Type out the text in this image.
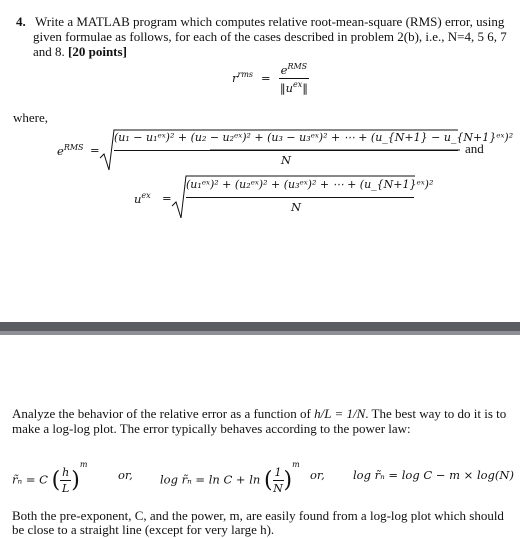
4. Write a MATLAB program which computes relative root-mean-square (RMS) error, using
given formulae as follows, for each of the cases described in problem 2(b), i.e., N=4, 5 6, 7
and 8. [20 points]
$r^{rms} = \frac{e^{RMS}}{‖u^{ex}‖}$
where,
$e^{RMS}$ =
(u₁ − u₁ᵉˣ)² + (u₂ − u₂ᵉˣ)² + (u₃ − u₃ᵉˣ)² + ⋯ + (u_{N+1} − u_{N+1}ᵉˣ)²
N
and
$u^{ex}$ =
(u₁ᵉˣ)² + (u₂ᵉˣ)² + (u₃ᵉˣ)² + ⋯ + (u_{N+1}ᵉˣ)²
N
Analyze the behavior of the relative error as a function of h/L = 1/N. The best way to do it is to
make a log-log plot. The error typically behaves according to the power law:
r̃ₙ = C ( $\frac{h}{L} )^m$
or, log r̃ₙ = ln C + ln ( $\frac{1}{N} )^m$
or, log r̃ₙ = log C − m × log(N)
Both the pre-exponent, C, and the power, m, are easily found from a log-log plot which should
be close to a straight line (except for very large h).
